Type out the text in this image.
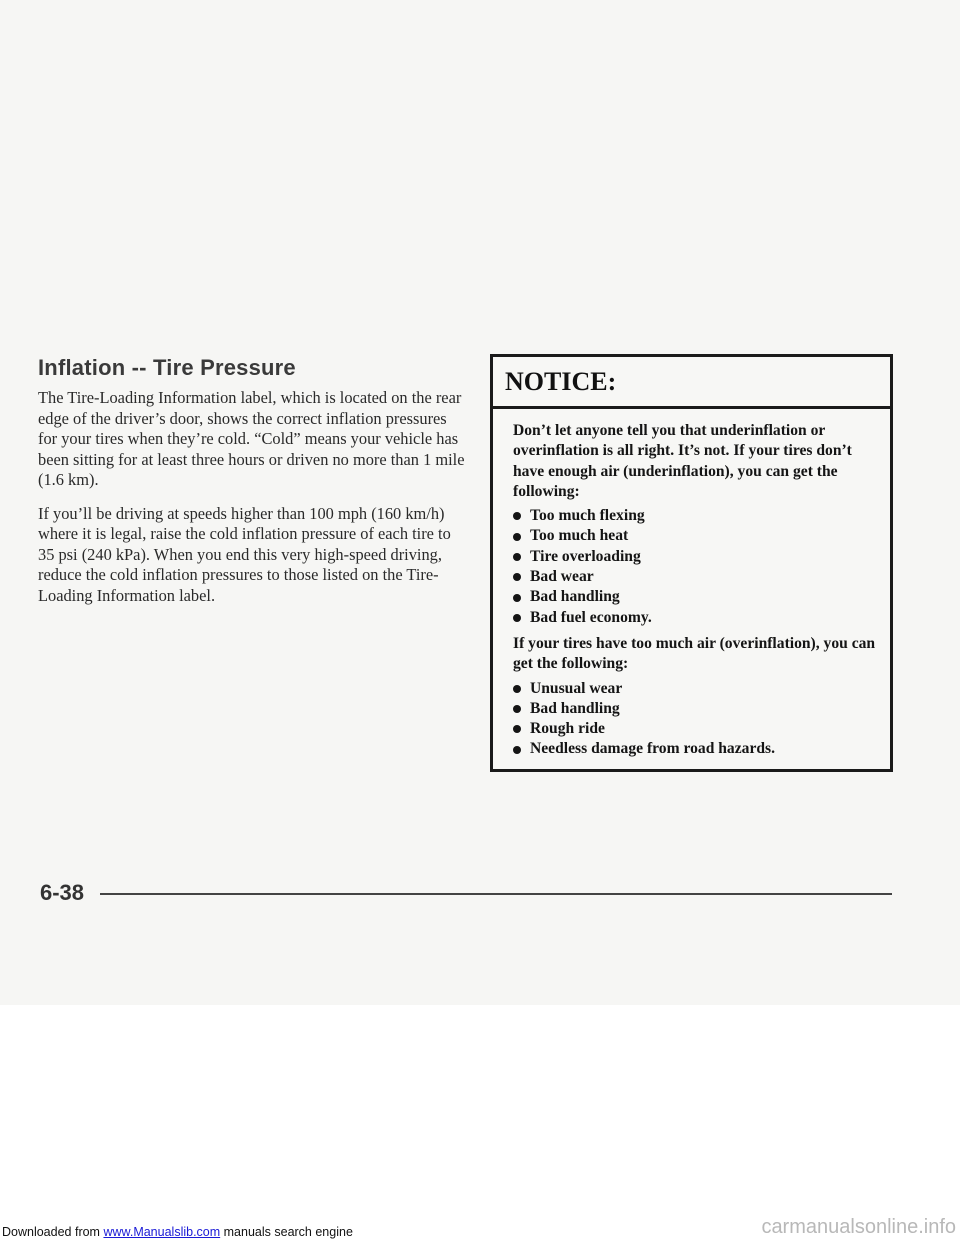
Inflation -- Tire Pressure

The Tire-Loading Information label, which is located on the rear edge of the driver’s door, shows the correct inflation pressures for your tires when they’re cold. “Cold” means your vehicle has been sitting for at least three hours or driven no more than 1 mile (1.6 km).

If you’ll be driving at speeds higher than 100 mph (160 km/h) where it is legal, raise the cold inflation pressure of each tire to 35 psi (240 kPa). When you end this very high-speed driving, reduce the cold inflation pressures to those listed on the Tire-Loading Information label.

NOTICE:

Don’t let anyone tell you that underinflation or overinflation is all right. It’s not. If your tires don’t have enough air (underinflation), you can get the following:

Too much flexing
Too much heat
Tire overloading
Bad wear
Bad handling
Bad fuel economy.

If your tires have too much air (overinflation), you can get the following:

Unusual wear
Bad handling
Rough ride
Needless damage from road hazards.
6-38
Downloaded from www.Manualslib.com manuals search engine	carmanualsonline.info
